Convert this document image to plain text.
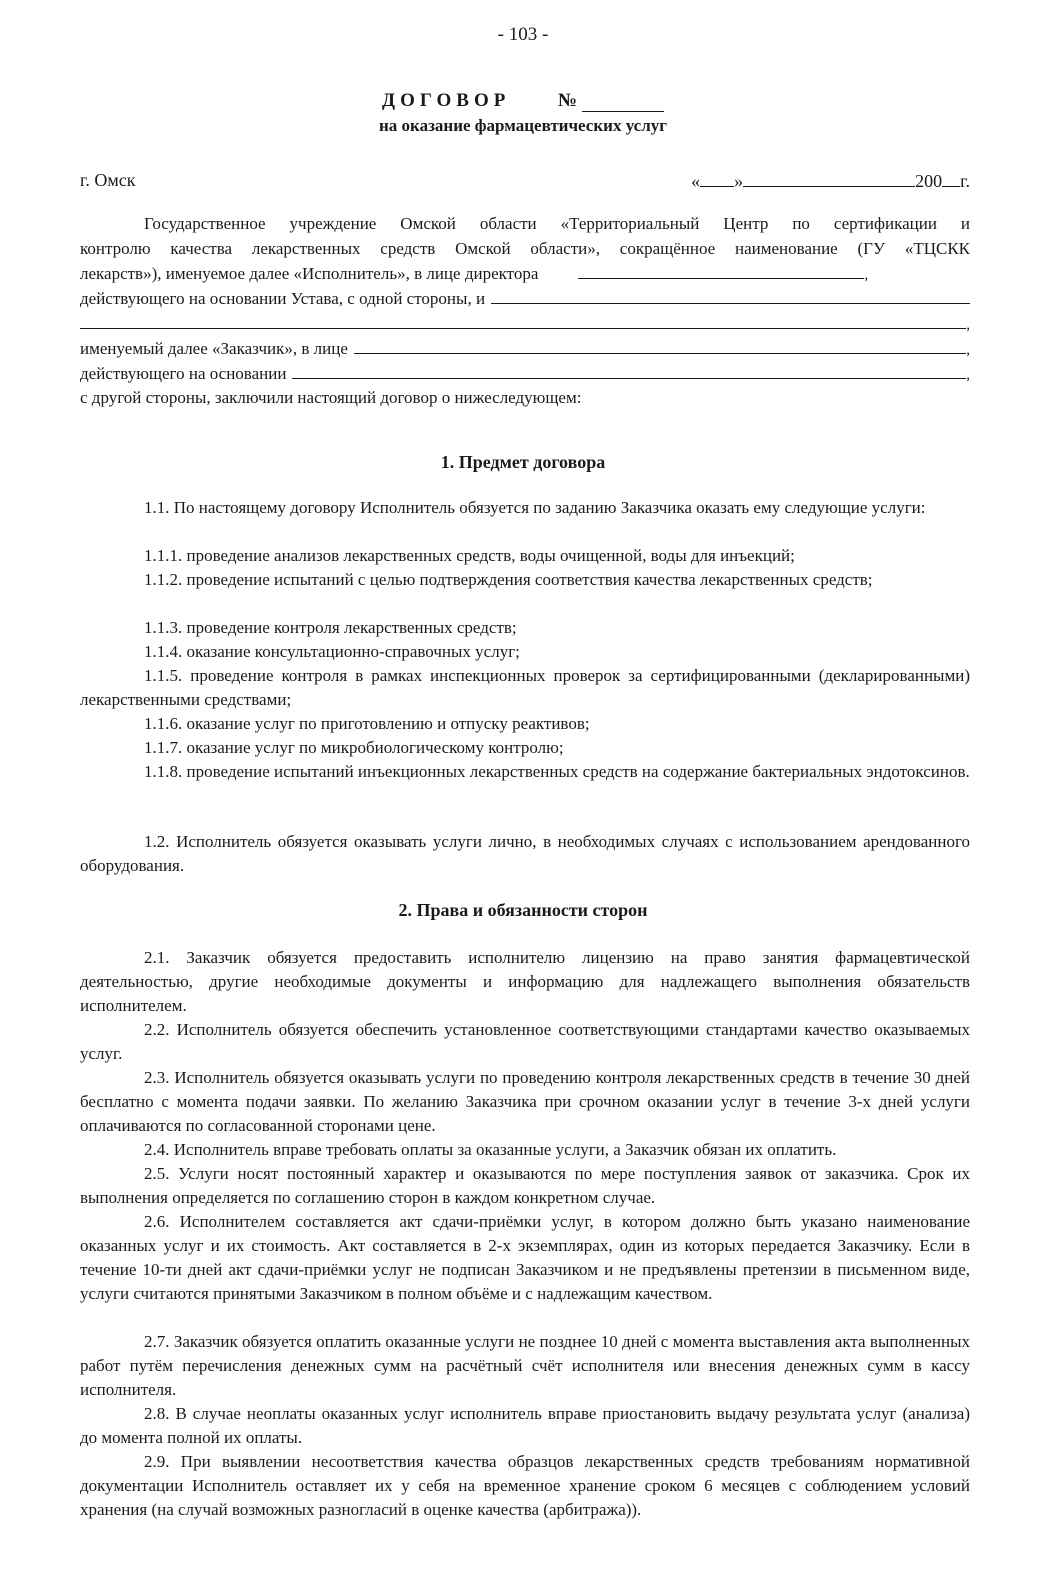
- 103 -
ДОГОВОР	№
на оказание фармацевтических услуг
г. Омск	« »	200 г.
Государственное учреждение Омской области «Территориальный Центр по сертификации и
контролю качества лекарственных средств Омской области», сокращённое наименование (ГУ «ТЦСКК
лекарств»), именуемое далее «Исполнитель», в лице директора	,
действующего на основании Устава, с одной стороны, и
,
именуемый далее «Заказчик», в лице	,
действующего на основании	,
с другой стороны, заключили настоящий договор о нижеследующем:
1. Предмет договора
1.1. По настоящему договору Исполнитель обязуется по заданию Заказчика оказать ему следующие услуги:
1.1.1. проведение анализов лекарственных средств, воды очищенной, воды для инъекций;
1.1.2. проведение испытаний с целью подтверждения соответствия качества лекарственных средств;
1.1.3. проведение контроля лекарственных средств;
1.1.4. оказание консультационно-справочных услуг;
1.1.5. проведение контроля в рамках инспекционных проверок за сертифицированными (декларированными) лекарственными средствами;
1.1.6. оказание услуг по приготовлению и отпуску реактивов;
1.1.7. оказание услуг по микробиологическому контролю;
1.1.8. проведение испытаний инъекционных лекарственных средств на содержание бактериальных эндотоксинов.
1.2. Исполнитель обязуется оказывать услуги лично, в необходимых случаях с использованием арендованного оборудования.
2. Права и обязанности сторон
2.1. Заказчик обязуется предоставить исполнителю лицензию на право занятия фармацевтической деятельностью, другие необходимые документы и информацию для надлежащего выполнения обязательств исполнителем.
2.2. Исполнитель обязуется обеспечить установленное соответствующими стандартами качество оказываемых услуг.
2.3. Исполнитель обязуется оказывать услуги по проведению контроля лекарственных средств в течение 30 дней бесплатно с момента подачи заявки. По желанию Заказчика при срочном оказании услуг в течение 3-х дней услуги оплачиваются по согласованной сторонами цене.
2.4. Исполнитель вправе требовать оплаты за оказанные услуги, а Заказчик обязан их оплатить.
2.5. Услуги носят постоянный характер и оказываются по мере поступления заявок от заказчика. Срок их выполнения определяется по соглашению сторон в каждом конкретном случае.
2.6. Исполнителем составляется акт сдачи-приёмки услуг, в котором должно быть указано наименование оказанных услуг и их стоимость. Акт составляется в 2-х экземплярах, один из которых передается Заказчику. Если в течение 10-ти дней акт сдачи-приёмки услуг не подписан Заказчиком и не предъявлены претензии в письменном виде, услуги считаются принятыми Заказчиком в полном объёме и с надлежащим качеством.
2.7. Заказчик обязуется оплатить оказанные услуги не позднее 10 дней с момента выставления акта выполненных работ путём перечисления денежных сумм на расчётный счёт исполнителя или внесения денежных сумм в кассу исполнителя.
2.8. В случае неоплаты оказанных услуг исполнитель вправе приостановить выдачу результата услуг (анализа) до момента полной их оплаты.
2.9. При выявлении несоответствия качества образцов лекарственных средств требованиям нормативной документации Исполнитель оставляет их у себя на временное хранение сроком 6 месяцев с соблюдением условий хранения (на случай возможных разногласий в оценке качества (арбитража)).
